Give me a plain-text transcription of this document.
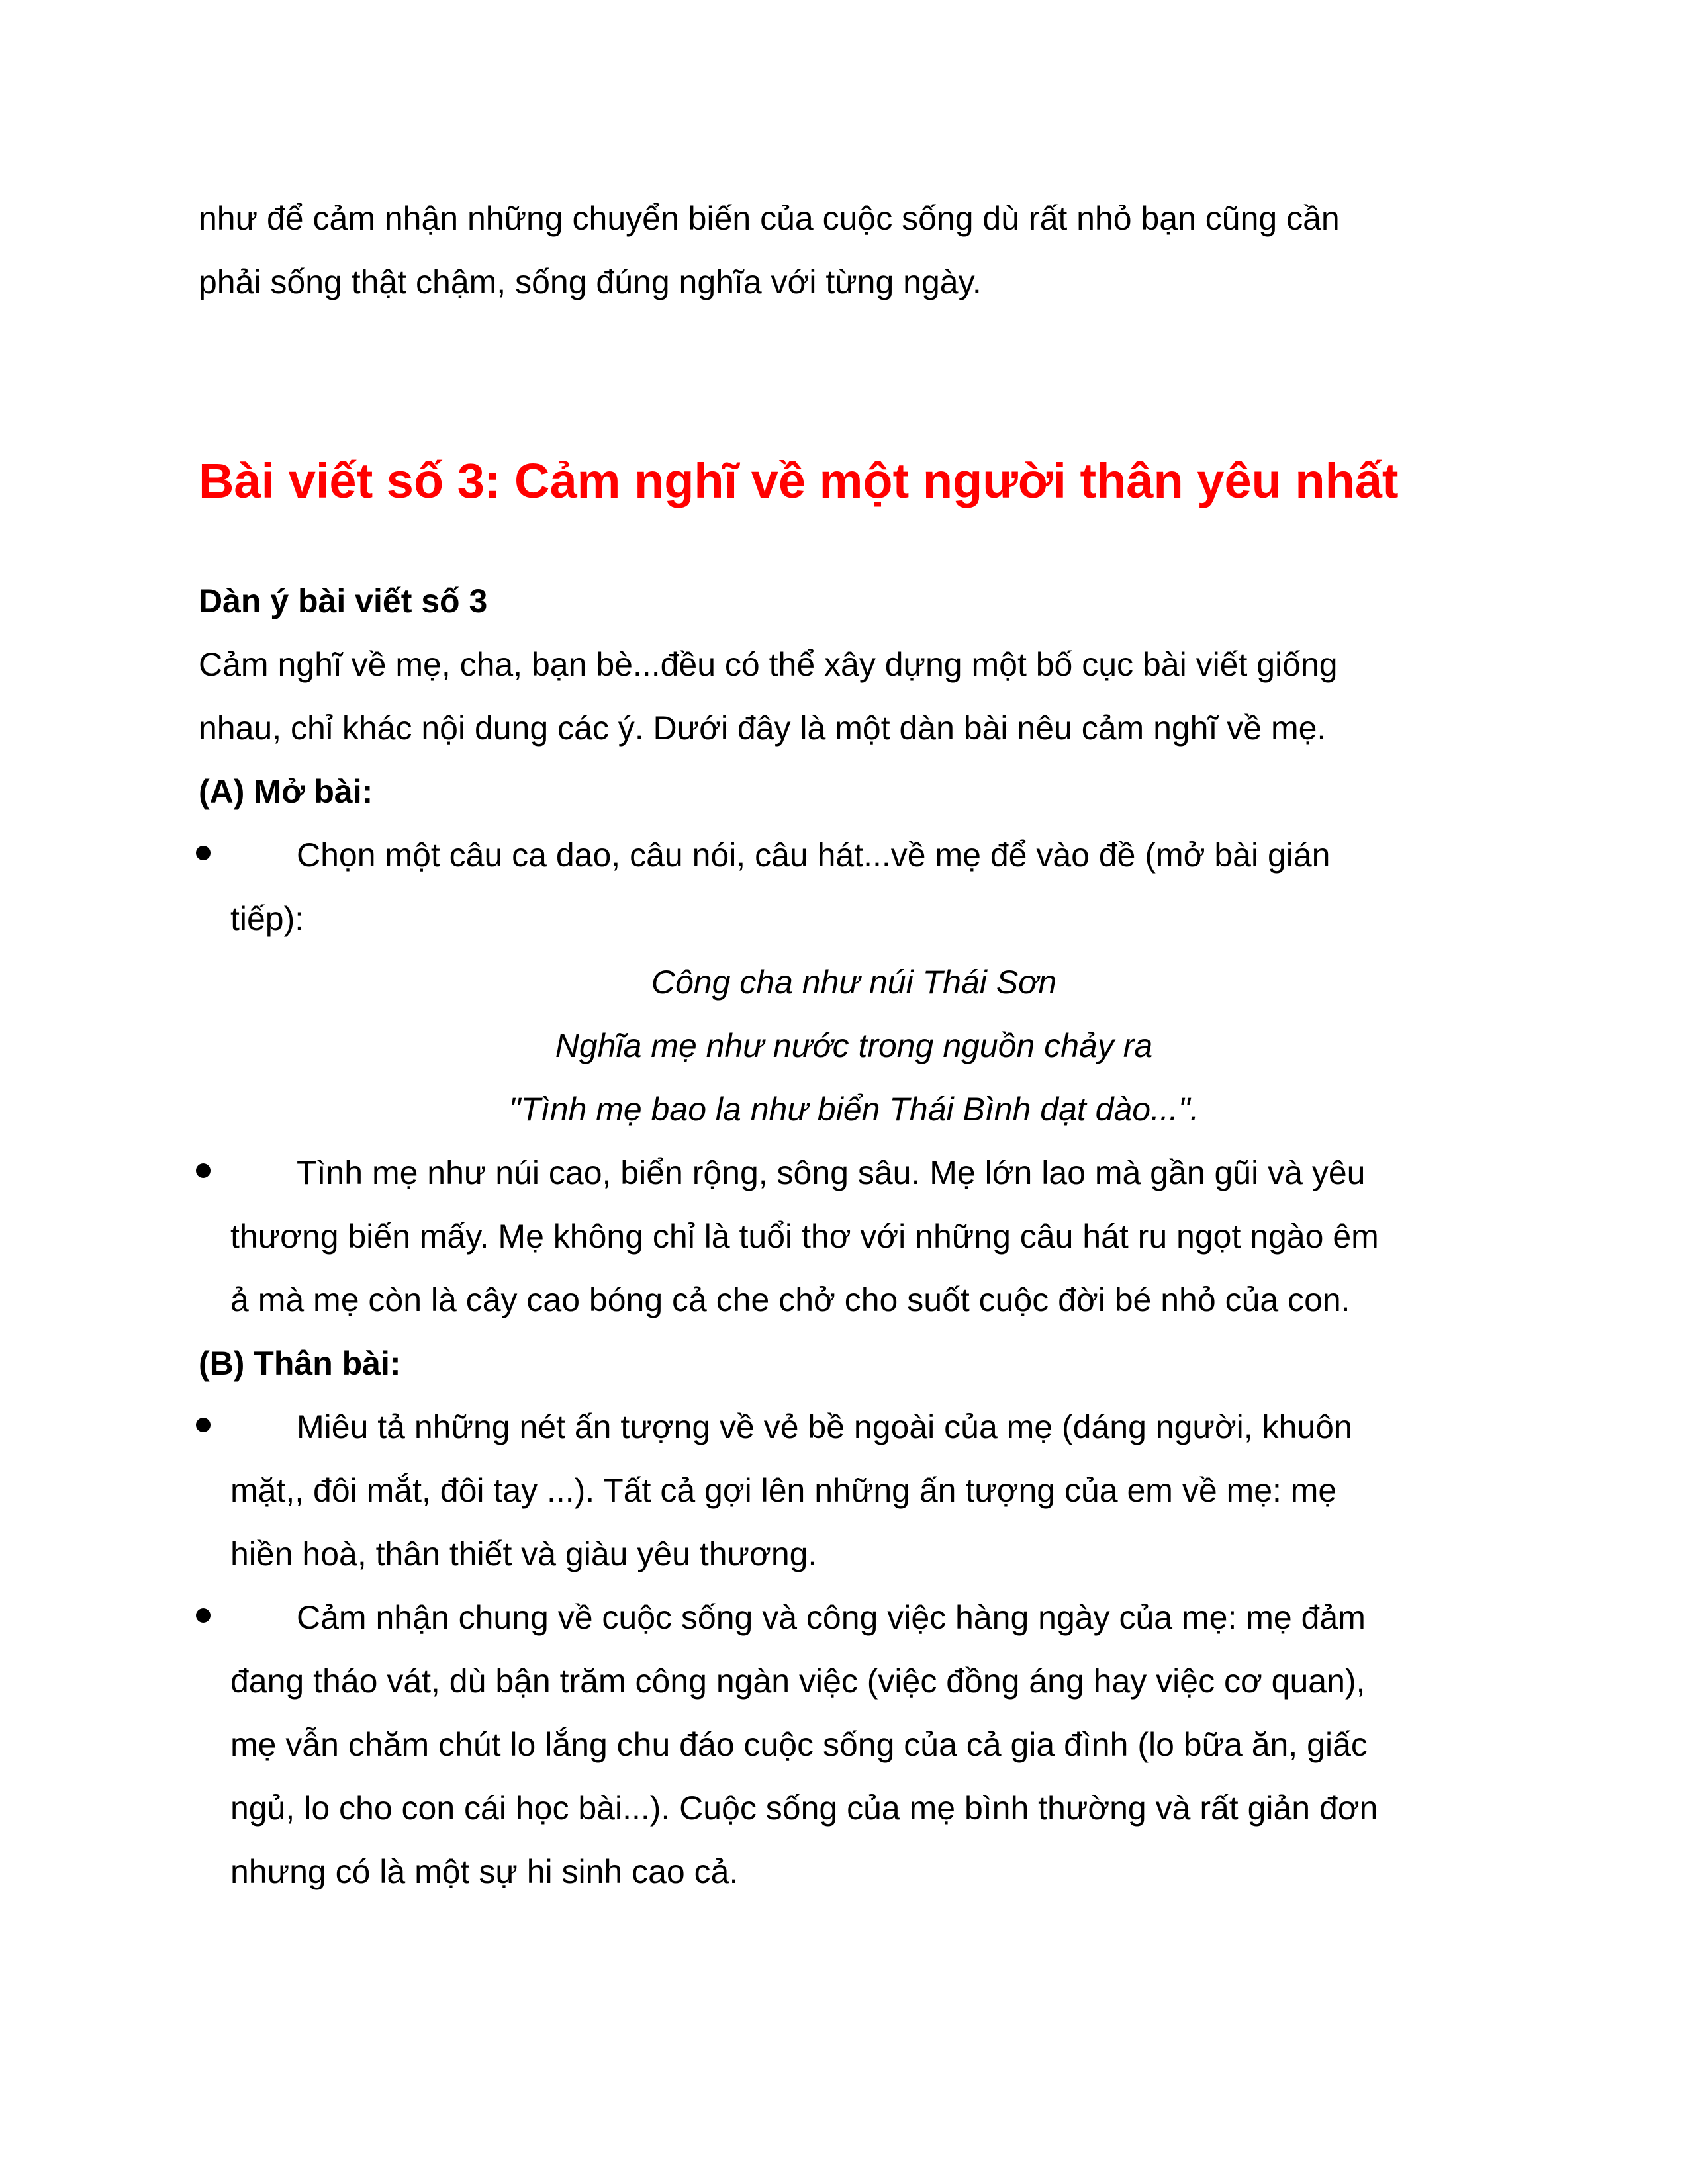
như để cảm nhận những chuyển biến của cuộc sống dù rất nhỏ bạn cũng cần
phải sống thật chậm, sống đúng nghĩa với từng ngày.
Bài viết số 3: Cảm nghĩ về một người thân yêu nhất
Dàn ý bài viết số 3
Cảm nghĩ về mẹ, cha, bạn bè...đều có thể xây dựng một bố cục bài viết giống
nhau, chỉ khác nội dung các ý. Dưới đây là một dàn bài nêu cảm nghĩ về mẹ.
(A) Mở bài:
Chọn một câu ca dao, câu nói, câu hát...về mẹ để vào đề (mở bài gián
tiếp):
Công cha như núi Thái Sơn
Nghĩa mẹ như nước trong nguồn chảy ra
"Tình mẹ bao la như biển Thái Bình dạt dào...".
Tình mẹ như núi cao, biển rộng, sông sâu. Mẹ lớn lao mà gần gũi và yêu
thương biến mấy. Mẹ không chỉ là tuổi thơ với những câu hát ru ngọt ngào êm
ả mà mẹ còn là cây cao bóng cả che chở cho suốt cuộc đời bé nhỏ của con.
(B) Thân bài:
Miêu tả những nét ấn tượng về vẻ bề ngoài của mẹ (dáng người, khuôn
mặt,, đôi mắt, đôi tay ...). Tất cả gợi lên những ấn tượng của em về mẹ: mẹ
hiền hoà, thân thiết và giàu yêu thương.
Cảm nhận chung về cuộc sống và công việc hàng ngày của mẹ: mẹ đảm
đang tháo vát, dù bận trăm công ngàn việc (việc đồng áng hay việc cơ quan),
mẹ vẫn chăm chút lo lắng chu đáo cuộc sống của cả gia đình (lo bữa ăn, giấc
ngủ, lo cho con cái học bài...). Cuộc sống của mẹ bình thường và rất giản đơn
nhưng có là một sự hi sinh cao cả.
